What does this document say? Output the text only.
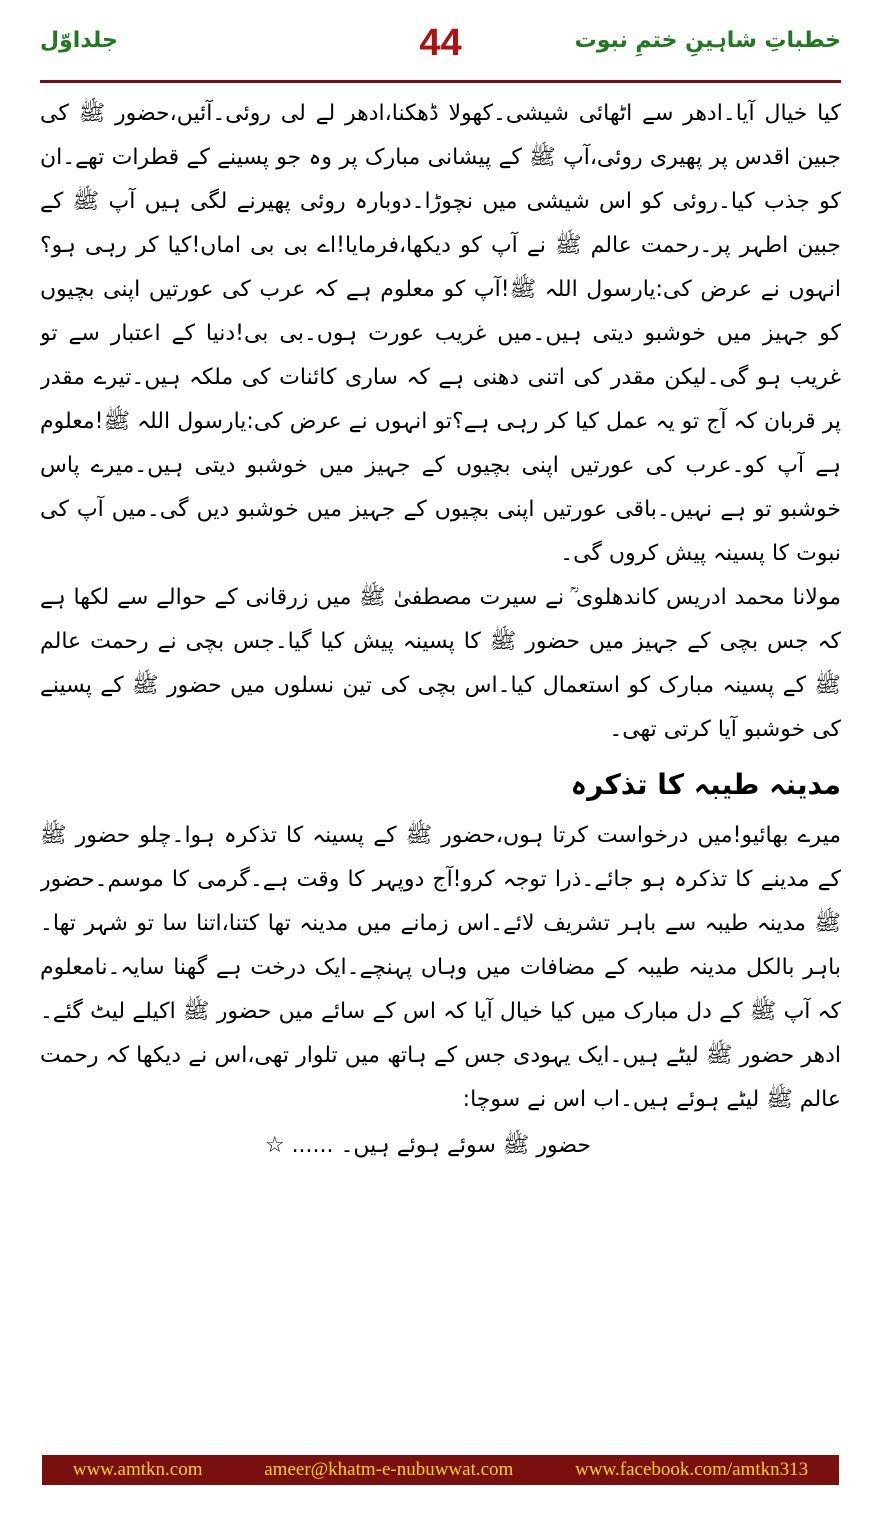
جلداوّل	44	خطباتِ شاہینِ ختمِ نبوت

کیا خیال آیا۔ادھر سے اٹھائی شیشی۔کھولا ڈھکنا،ادھر لے لی روئی۔آئیں،حضور ﷺ کی جبین اقدس پر پھیری روئی،آپ ﷺ کے پیشانی مبارک پر وہ جو پسینے کے قطرات تھے۔ان کو جذب کیا۔روئی کو اس شیشی میں نچوڑا۔دوبارہ روئی پھیرنے لگی ہیں آپ ﷺ کے جبین اطہر پر۔رحمت عالم ﷺ نے آپ کو دیکھا،فرمایا!اے بی بی اماں!کیا کر رہی ہو؟انہوں نے عرض کی:یارسول اللہ ﷺ!آپ کو معلوم ہے کہ عرب کی عورتیں اپنی بچیوں کو جہیز میں خوشبو دیتی ہیں۔میں غریب عورت ہوں۔بی بی!دنیا کے اعتبار سے تو غریب ہو گی۔لیکن مقدر کی اتنی دھنی ہے کہ ساری کائنات کی ملکہ ہیں۔تیرے مقدر پر قربان کہ آج تو یہ عمل کیا کر رہی ہے؟تو انہوں نے عرض کی:یارسول اللہ ﷺ!معلوم ہے آپ کو۔عرب کی عورتیں اپنی بچیوں کے جہیز میں خوشبو دیتی ہیں۔میرے پاس خوشبو تو ہے نہیں۔باقی عورتیں اپنی بچیوں کے جہیز میں خوشبو دیں گی۔میں آپ کی نبوت کا پسینہ پیش کروں گی۔

مولانا محمد ادریس کاندھلوی ؒ نے سیرت مصطفیٰ ﷺ میں زرقانی کے حوالے سے لکھا ہے کہ جس بچی کے جہیز میں حضور ﷺ کا پسینہ پیش کیا گیا۔جس بچی نے رحمت عالم ﷺ کے پسینہ مبارک کو استعمال کیا۔اس بچی کی تین نسلوں میں حضور ﷺ کے پسینے کی خوشبو آیا کرتی تھی۔

مدینہ طیبہ کا تذکرہ

میرے بھائیو!میں درخواست کرتا ہوں،حضور ﷺ کے پسینہ کا تذکرہ ہوا۔چلو حضور ﷺ کے مدینے کا تذکرہ ہو جائے۔ذرا توجہ کرو!آج دوپہر کا وقت ہے۔گرمی کا موسم۔حضور ﷺ مدینہ طیبہ سے باہر تشریف لائے۔اس زمانے میں مدینہ تھا کتنا،اتنا سا تو شہر تھا۔باہر بالکل مدینہ طیبہ کے مضافات میں وہاں پہنچے۔ایک درخت ہے گھنا سایہ۔نامعلوم کہ آپ ﷺ کے دل مبارک میں کیا خیال آیا کہ اس کے سائے میں حضور ﷺ اکیلے لیٹ گئے۔ادھر حضور ﷺ لیٹے ہیں۔ایک یہودی جس کے ہاتھ میں تلوار تھی،اس نے دیکھا کہ رحمت عالم ﷺ لیٹے ہوئے ہیں۔اب اس نے سوچا:

حضور ﷺ سوئے ہوئے ہیں۔ ...... ☆
www.amtkn.com	ameer@khatm-e-nubuwwat.com	www.facebook.com/amtkn313
